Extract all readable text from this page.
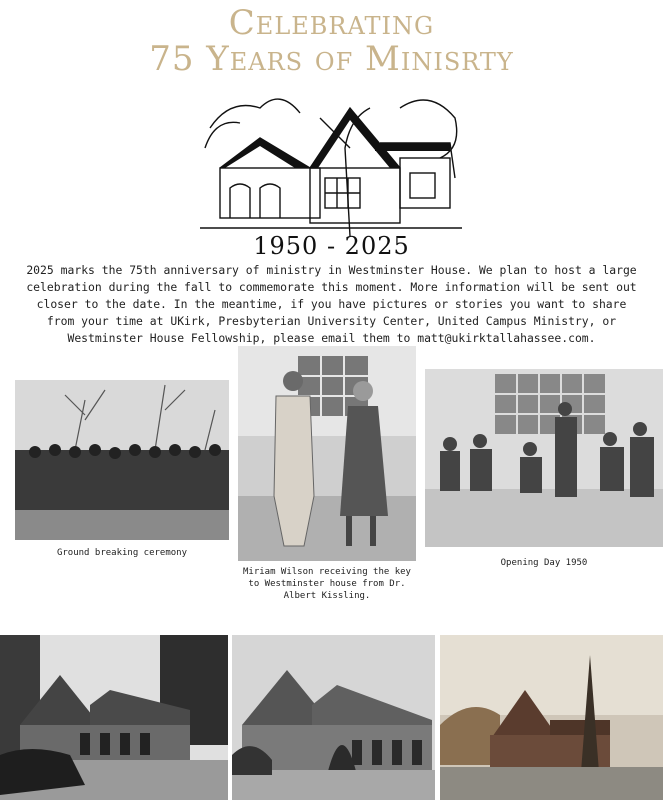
Celebrating
75 Years of Minisrty
1950 - 2025
2025 marks the 75th anniversary of ministry in Westminster House. We plan to host a large celebration during the fall to commemorate this moment. More information will be sent out closer to the date. In the meantime, if you have pictures or stories you want to share from your time at UKirk, Presbyterian University Center, United Campus Ministry, or Westminster House Fellowship, please email them to matt@ukirktallahassee.com.
Ground breaking ceremony
Miriam Wilson receiving the key to Westminster house from Dr. Albert Kissling.
Opening Day 1950
